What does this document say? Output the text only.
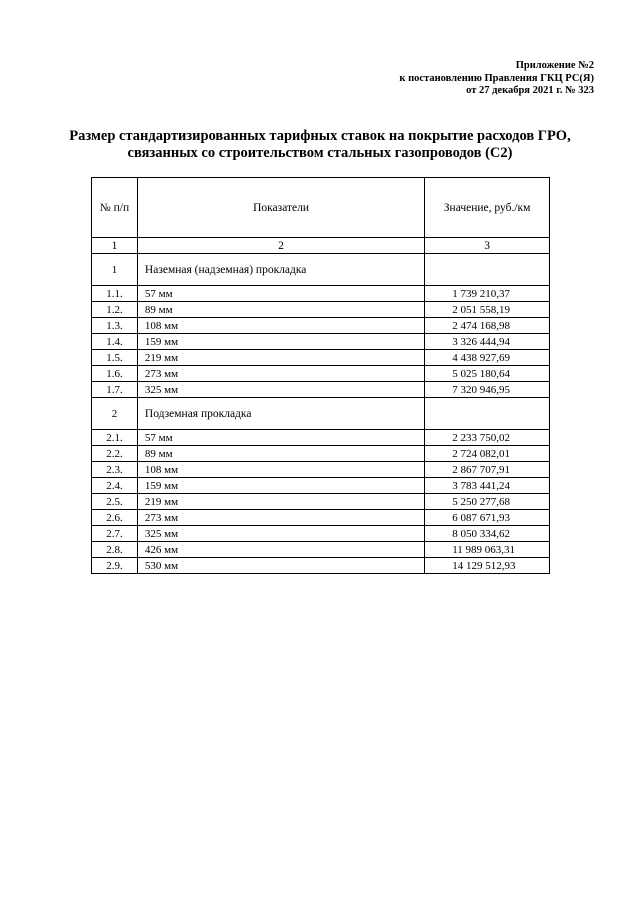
Приложение №2
к постановлению Правления ГКЦ РС(Я)
от 27 декабря 2021 г. № 323
Размер стандартизированных тарифных ставок на покрытие расходов ГРО,
связанных со строительством стальных газопроводов (С2)
№ п/п	Показатели	Значение, руб./км
1	2	3
1	Наземная (надземная) прокладка	
1.1.	57 мм	1 739 210,37
1.2.	89 мм	2 051 558,19
1.3.	108 мм	2 474 168,98
1.4.	159 мм	3 326 444,94
1.5.	219 мм	4 438 927,69
1.6.	273 мм	5 025 180,64
1.7.	325 мм	7 320 946,95
2	Подземная прокладка	
2.1.	57 мм	2 233 750,02
2.2.	89 мм	2 724 082,01
2.3.	108 мм	2 867 707,91
2.4.	159 мм	3 783 441,24
2.5.	219 мм	5 250 277,68
2.6.	273 мм	6 087 671,93
2.7.	325 мм	8 050 334,62
2.8.	426 мм	11 989 063,31
2.9.	530 мм	14 129 512,93
